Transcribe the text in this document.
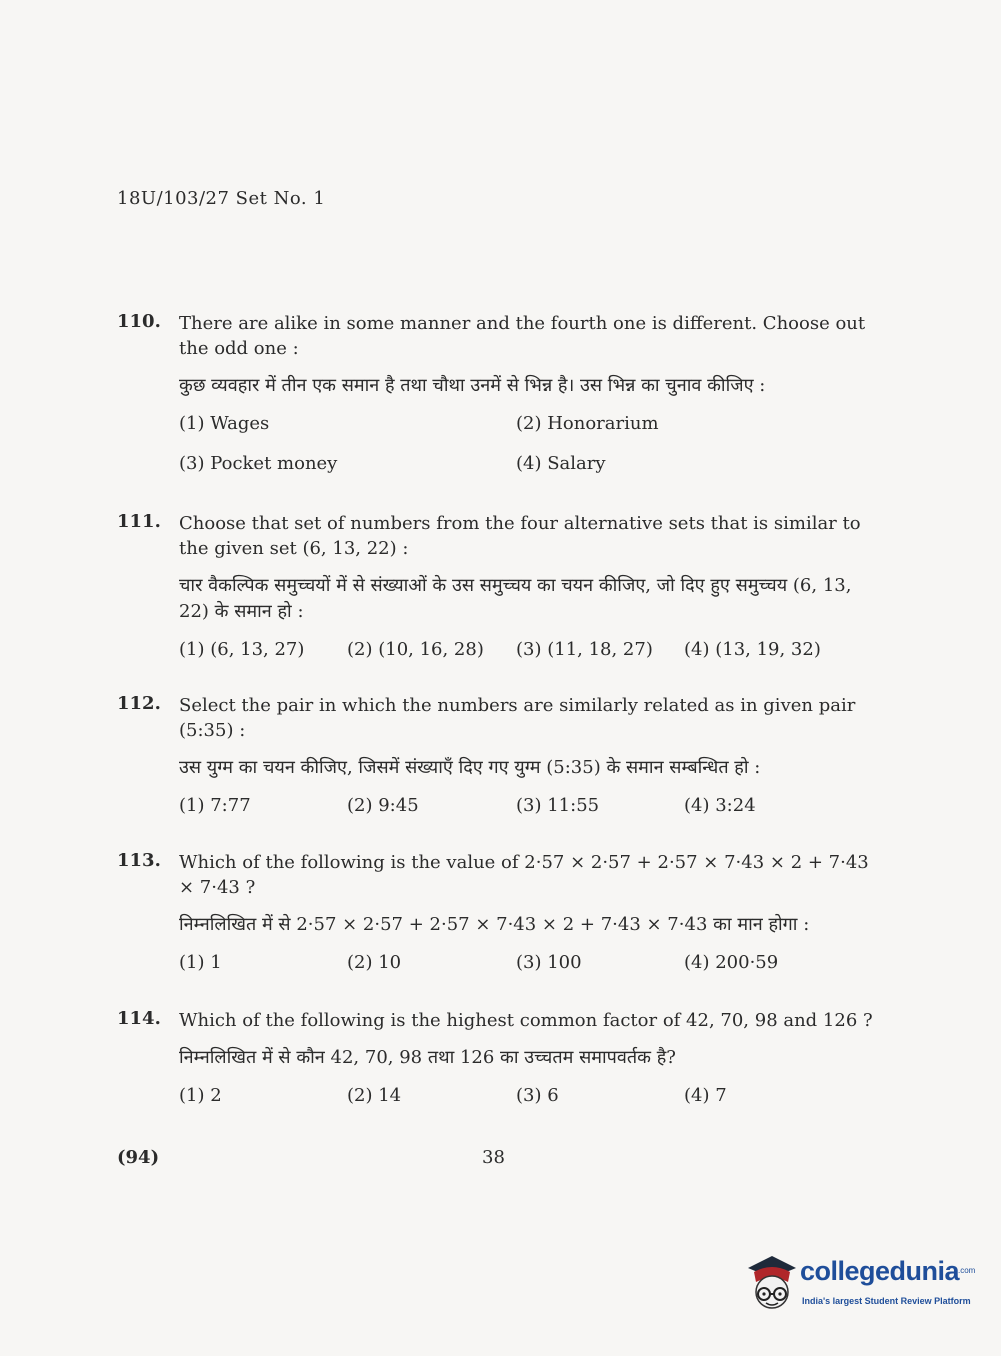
18U/103/27 Set No. 1
110. There are alike in some manner and the fourth one is different. Choose out the odd one :
कुछ व्यवहार में तीन एक समान है तथा चौथा उनमें से भिन्न है। उस भिन्न का चुनाव कीजिए :
(1) Wages	(2) Honorarium
(3) Pocket money	(4) Salary
111. Choose that set of numbers from the four alternative sets that is similar to the given set (6, 13, 22) :
चार वैकल्पिक समुच्चयों में से संख्याओं के उस समुच्चय का चयन कीजिए, जो दिए हुए समुच्चय (6, 13, 22) के समान हो :
(1) (6, 13, 27) (2) (10, 16, 28) (3) (11, 18, 27) (4) (13, 19, 32)
112. Select the pair in which the numbers are similarly related as in given pair (5:35) :
उस युग्म का चयन कीजिए, जिसमें संख्याएँ दिए गए युग्म (5:35) के समान सम्बन्धित हो :
(1) 7:77	(2) 9:45	(3) 11:55	(4) 3:24
113. Which of the following is the value of 2·57 × 2·57 + 2·57 × 7·43 × 2 + 7·43 × 7·43 ?
निम्नलिखित में से 2·57 × 2·57 + 2·57 × 7·43 × 2 + 7·43 × 7·43 का मान होगा :
(1) 1	(2) 10	(3) 100	(4) 200·59
114. Which of the following is the highest common factor of 42, 70, 98 and 126 ?
निम्नलिखित में से कौन 42, 70, 98 तथा 126 का उच्चतम समापवर्तक है?
(1) 2	(2) 14	(3) 6	(4) 7
(94)	38
collegedunia
.com
India's largest Student Review Platform
